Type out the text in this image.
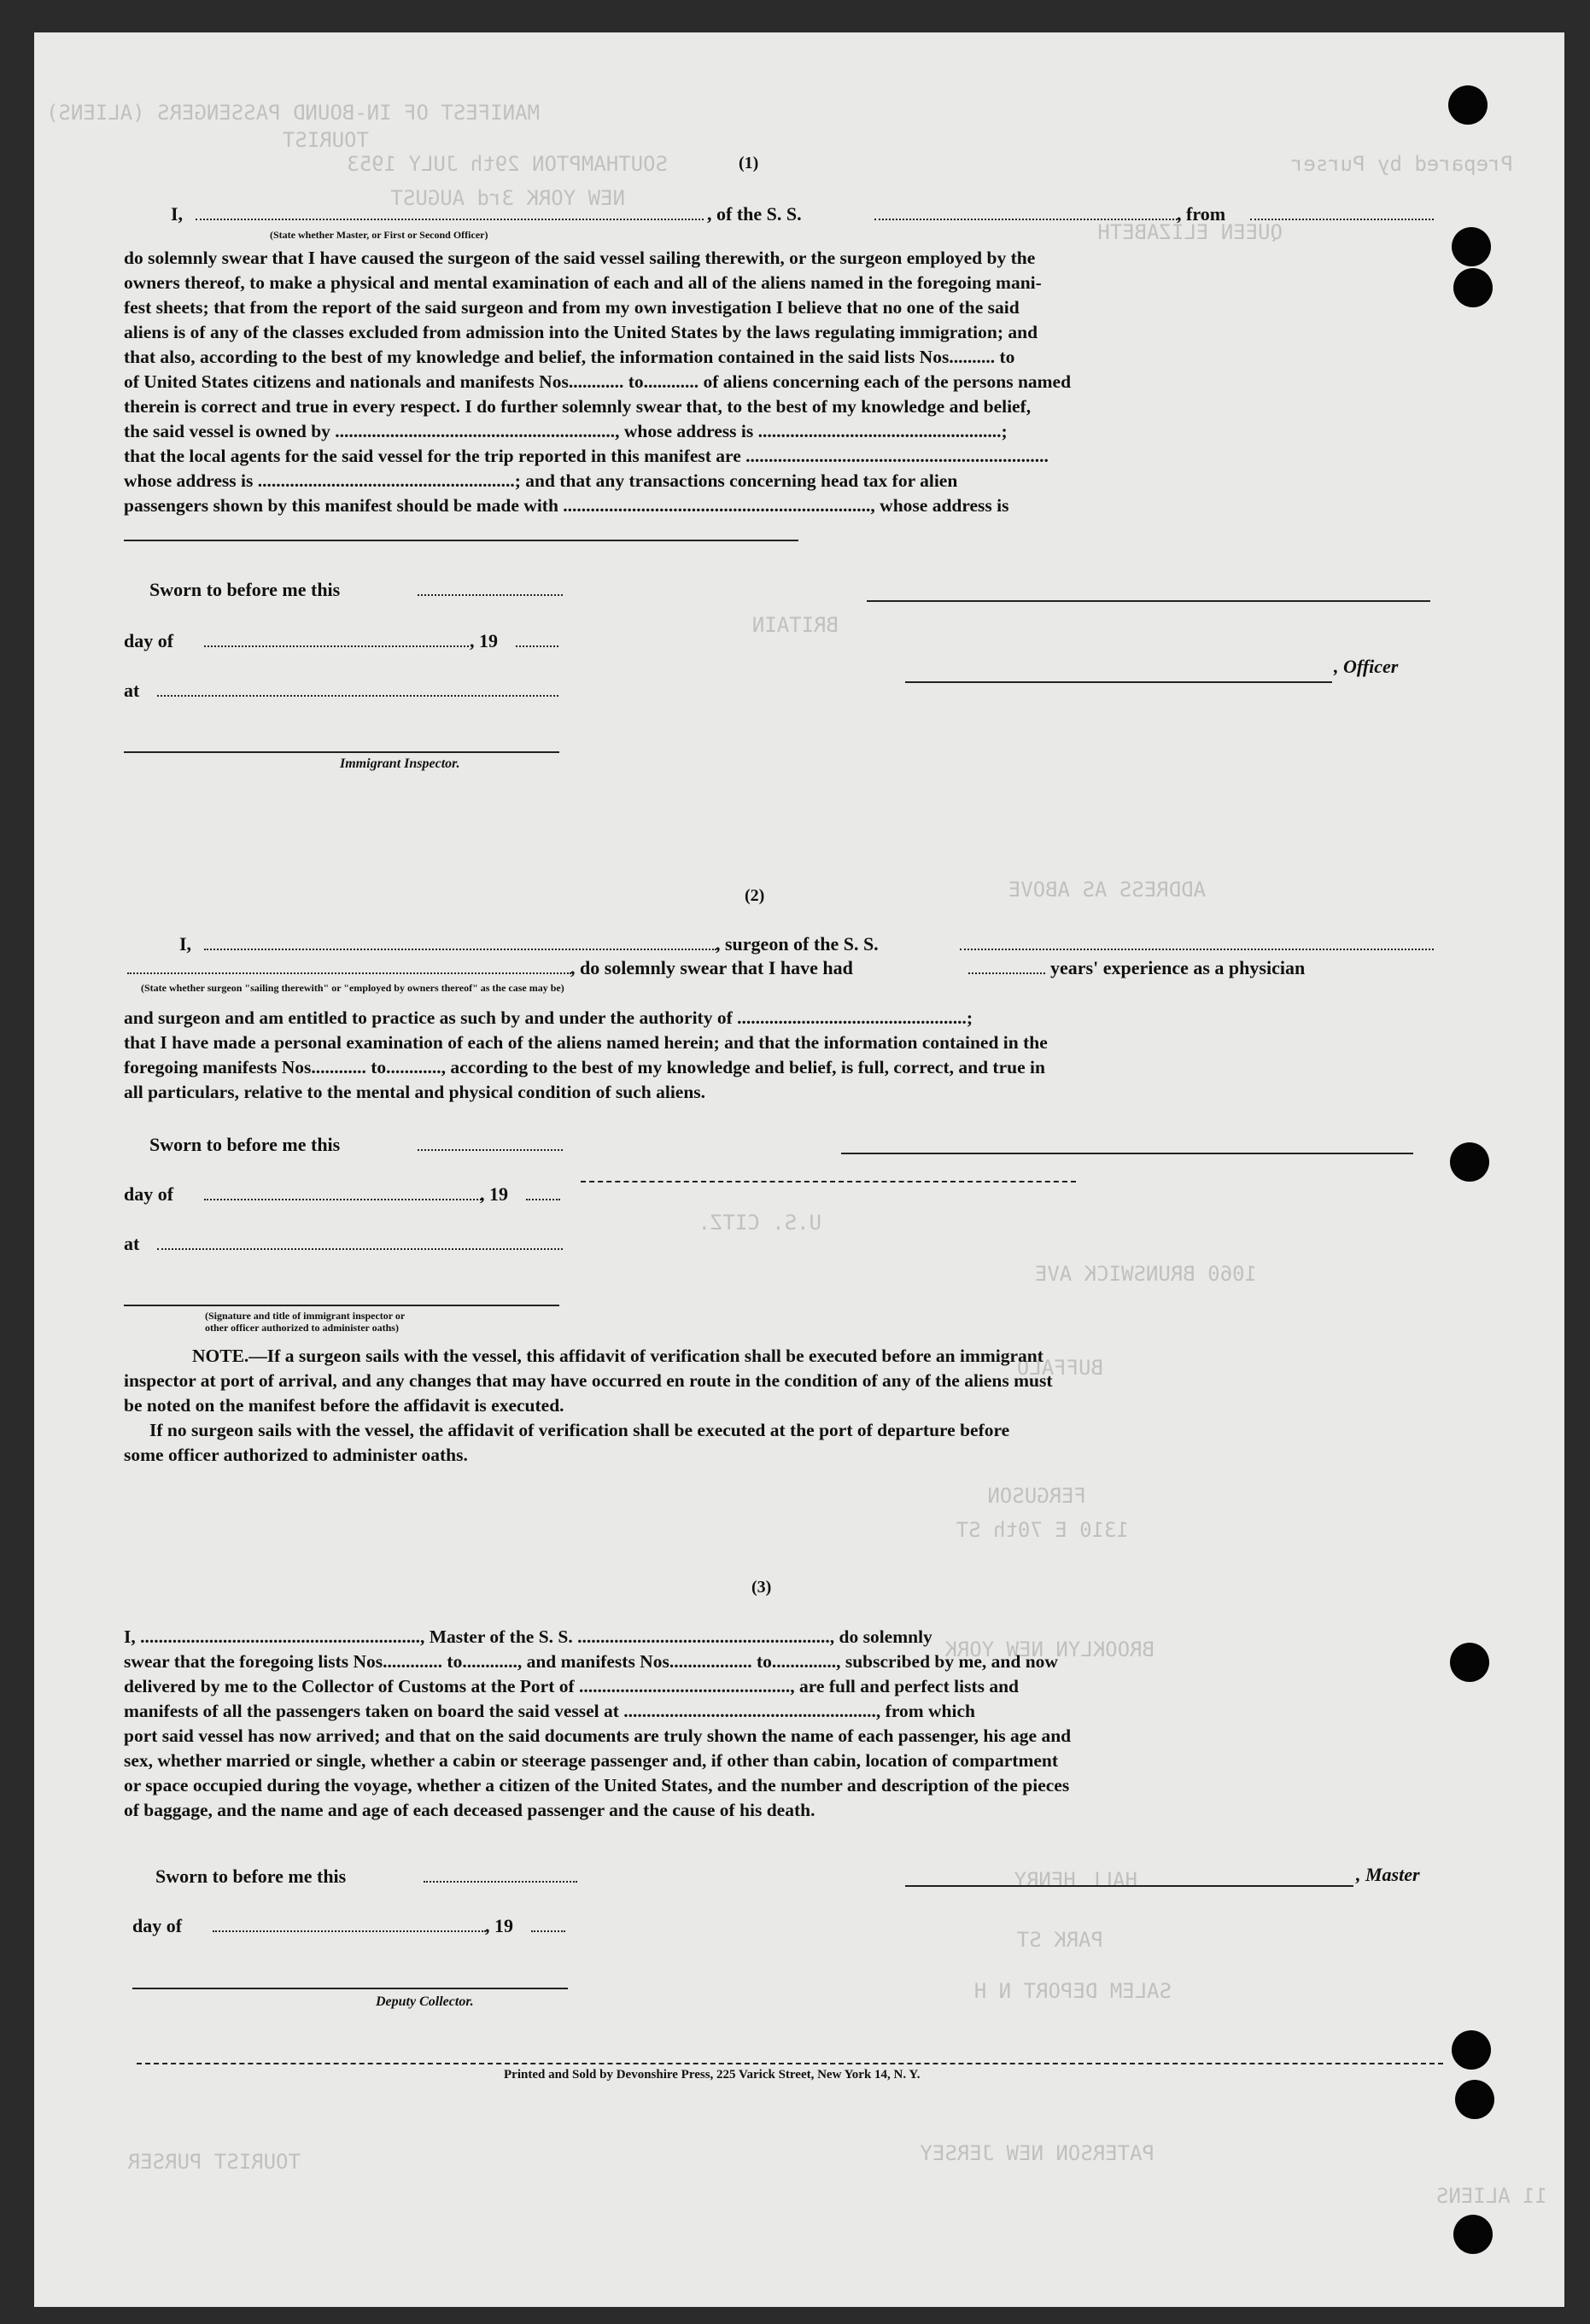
MANIFEST OF IN-BOUND PASSENGERS (ALIENS)
TOURIST
SOUTHAMPTON 29th JULY 1953
NEW YORK 3rd AUGUST
Prepared by Purser
QUEEN ELIZABETH
ADDRESS AS ABOVE
BRITAIN
U.S. CITZ.
1060 BRUNSWICK AVE
BUFFALO
FERGUSON
1310 E 70th ST
BROOKLYN NEW YORK
HALL HENRY
PARK ST
SALEM DEPORT N H
PATERSON NEW JERSEY
TOURIST PURSER
11 ALIENS
(1)
I,	, of the S. S.	, from
(State whether Master, or First or Second Officer)
do solemnly swear that I have caused the surgeon of the said vessel sailing therewith, or the surgeon employed by the
owners thereof, to make a physical and mental examination of each and all of the aliens named in the foregoing mani-
fest sheets; that from the report of the said surgeon and from my own investigation I believe that no one of the said
aliens is of any of the classes excluded from admission into the United States by the laws regulating immigration; and
that also, according to the best of my knowledge and belief, the information contained in the said lists Nos.......... to
of United States citizens and nationals and manifests Nos............ to............ of aliens concerning each of the persons named
therein is correct and true in every respect. I do further solemnly swear that, to the best of my knowledge and belief,
the said vessel is owned by ............................................................., whose address is .....................................................;
that the local agents for the said vessel for the trip reported in this manifest are ..................................................................
whose address is ........................................................; and that any transactions concerning head tax for alien
passengers shown by this manifest should be made with ..................................................................., whose address is
Sworn to before me this
day of	, 19
, Officer
at
Immigrant Inspector.
(2)
I,	, surgeon of the S. S.
, do solemnly swear that I have had	years' experience as a physician
(State whether surgeon "sailing therewith" or "employed by owners thereof" as the case may be)
and surgeon and am entitled to practice as such by and under the authority of ..................................................;
that I have made a personal examination of each of the aliens named herein; and that the information contained in the
foregoing manifests Nos............ to............, according to the best of my knowledge and belief, is full, correct, and true in
all particulars, relative to the mental and physical condition of such aliens.
Sworn to before me this
day of	, 19
at
(Signature and title of immigrant inspector or
other officer authorized to administer oaths)
NOTE.—If a surgeon sails with the vessel, this affidavit of verification shall be executed before an immigrant
inspector at port of arrival, and any changes that may have occurred en route in the condition of any of the aliens must
be noted on the manifest before the affidavit is executed.
If no surgeon sails with the vessel, the affidavit of verification shall be executed at the port of departure before
some officer authorized to administer oaths.
(3)
I, ............................................................., Master of the S. S. ......................................................., do solemnly
swear that the foregoing lists Nos............. to............, and manifests Nos.................. to.............., subscribed by me, and now
delivered by me to the Collector of Customs at the Port of .............................................., are full and perfect lists and
manifests of all the passengers taken on board the said vessel at ......................................................., from which
port said vessel has now arrived; and that on the said documents are truly shown the name of each passenger, his age and
sex, whether married or single, whether a cabin or steerage passenger and, if other than cabin, location of compartment
or space occupied during the voyage, whether a citizen of the United States, and the number and description of the pieces
of baggage, and the name and age of each deceased passenger and the cause of his death.
Sworn to before me this	, Master
day of	, 19
Deputy Collector.
Printed and Sold by Devonshire Press, 225 Varick Street, New York 14, N. Y.
